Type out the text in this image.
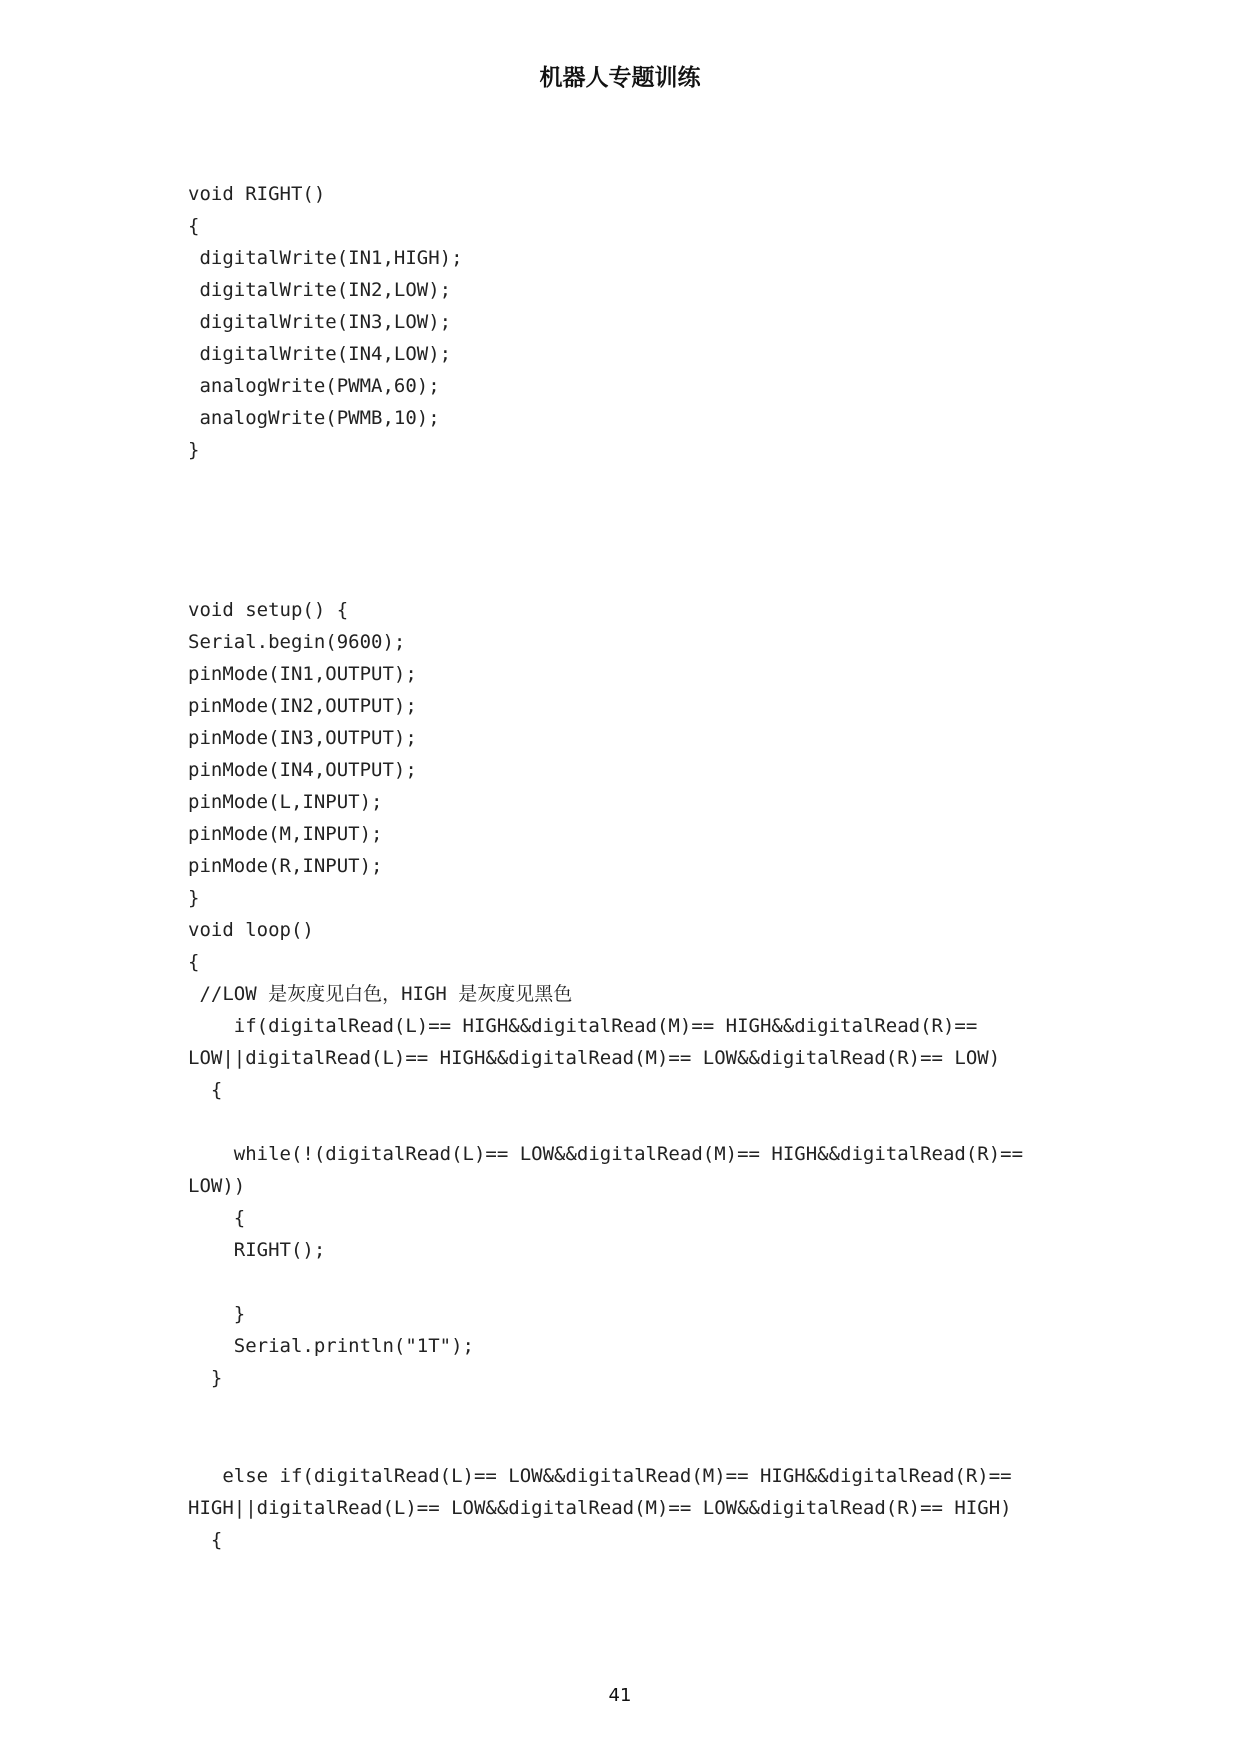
机器人专题训练
void RIGHT()
{
digitalWrite(IN1,HIGH);
digitalWrite(IN2,LOW);
digitalWrite(IN3,LOW);
digitalWrite(IN4,LOW);
analogWrite(PWMA,60);
analogWrite(PWMB,10);
}
void setup() {
Serial.begin(9600);
pinMode(IN1,OUTPUT);
pinMode(IN2,OUTPUT);
pinMode(IN3,OUTPUT);
pinMode(IN4,OUTPUT);
pinMode(L,INPUT);
pinMode(M,INPUT);
pinMode(R,INPUT);
}
void loop()
{
//LOW 是灰度见白色，HIGH 是灰度见黑色
if(digitalRead(L)== HIGH&&digitalRead(M)== HIGH&&digitalRead(R)==
LOW||digitalRead(L)== HIGH&&digitalRead(M)== LOW&&digitalRead(R)== LOW)
{
while(!(digitalRead(L)== LOW&&digitalRead(M)== HIGH&&digitalRead(R)==
LOW))
{
RIGHT();
}
Serial.println("1T");
}
else if(digitalRead(L)== LOW&&digitalRead(M)== HIGH&&digitalRead(R)==
HIGH||digitalRead(L)== LOW&&digitalRead(M)== LOW&&digitalRead(R)== HIGH)
{
41
